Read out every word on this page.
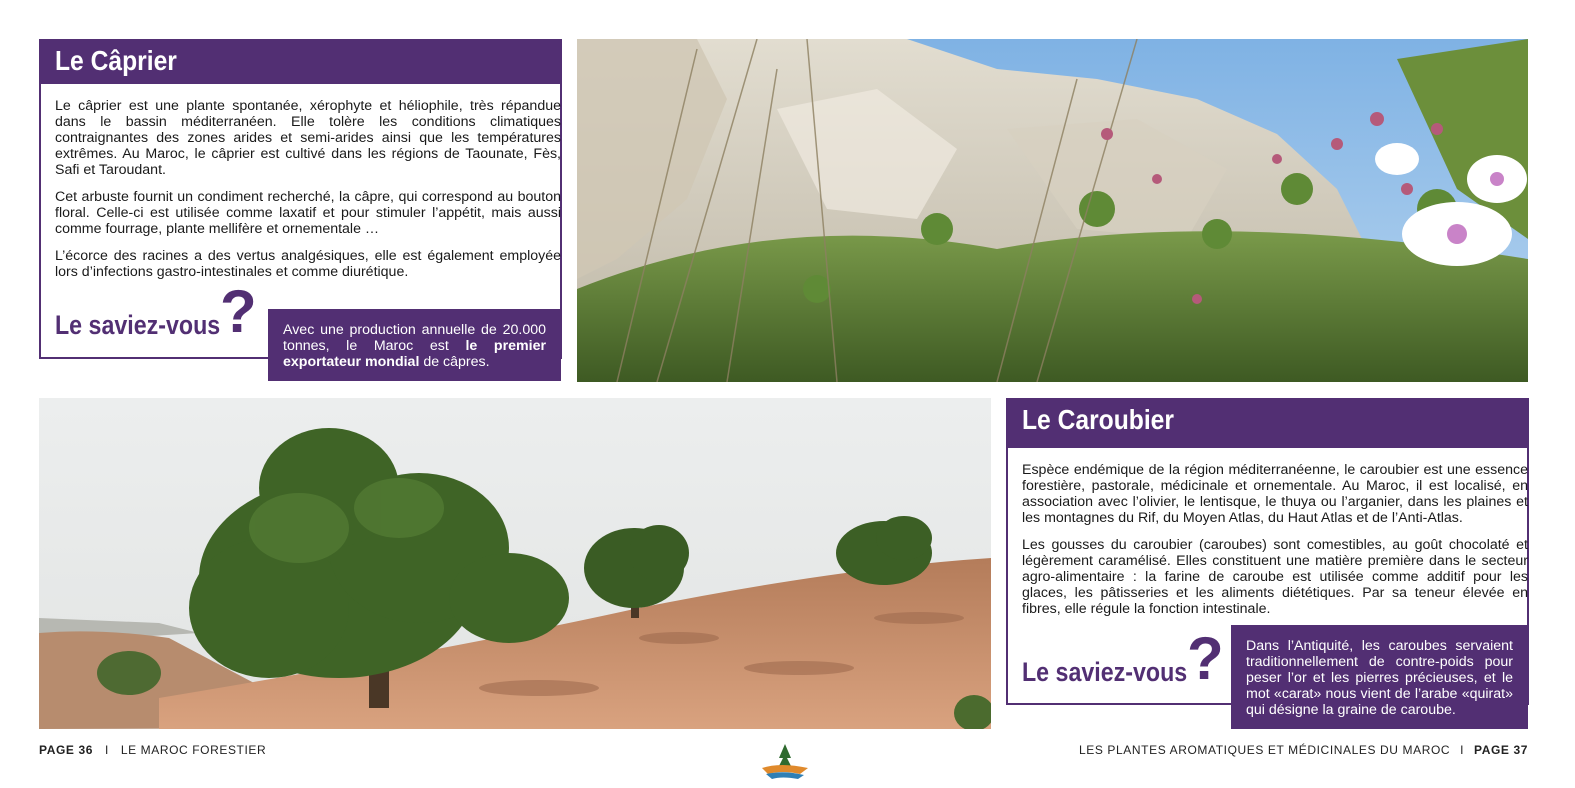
Le Câprier

Le câprier est une plante spontanée, xérophyte et héliophile, très répandue dans le bassin méditerranéen. Elle tolère les conditions climatiques contraignantes des zones arides et semi-arides ainsi que les températures extrêmes. Au Maroc, le câprier est cultivé dans les régions de Taounate, Fès, Safi et Taroudant.

Cet arbuste fournit un condiment recherché, la câpre, qui correspond au bouton floral. Celle-ci est utilisée comme laxatif et pour stimuler l’appétit, mais aussi comme fourrage, plante mellifère et ornementale …

L’écorce des racines a des vertus analgésiques, elle est également employée lors d’infections gastro-intestinales et comme diurétique.

Le saviez-vous ?	Avec une production annuelle de 20.000 tonnes, le Maroc est le premier exportateur mondial de câpres.
Le Caroubier

Espèce endémique de la région méditerranéenne, le caroubier est une essence forestière, pastorale, médicinale et ornementale. Au Maroc, il est localisé, en association avec l’olivier, le lentisque, le thuya ou l’arganier, dans les plaines et les montagnes du Rif, du Moyen Atlas, du Haut Atlas et de l’Anti-Atlas.

Les gousses du caroubier (caroubes) sont comestibles, au goût chocolaté et légèrement caramélisé. Elles constituent une matière première dans le secteur agro-alimentaire : la farine de caroube est utilisée comme additif pour les glaces, les pâtisseries et les aliments diététiques. Par sa teneur élevée en fibres, elle régule la fonction intestinale.

Le saviez-vous ?	Dans l’Antiquité, les caroubes servaient traditionnellement de contre-poids pour peser l’or et les pierres précieuses, et le mot «carat» nous vient de l’arabe «quirat» qui désigne la graine de caroube.
PAGE 36 I LE MAROC FORESTIER	LES PLANTES AROMATIQUES ET MÉDICINALES DU MAROC I PAGE 37
